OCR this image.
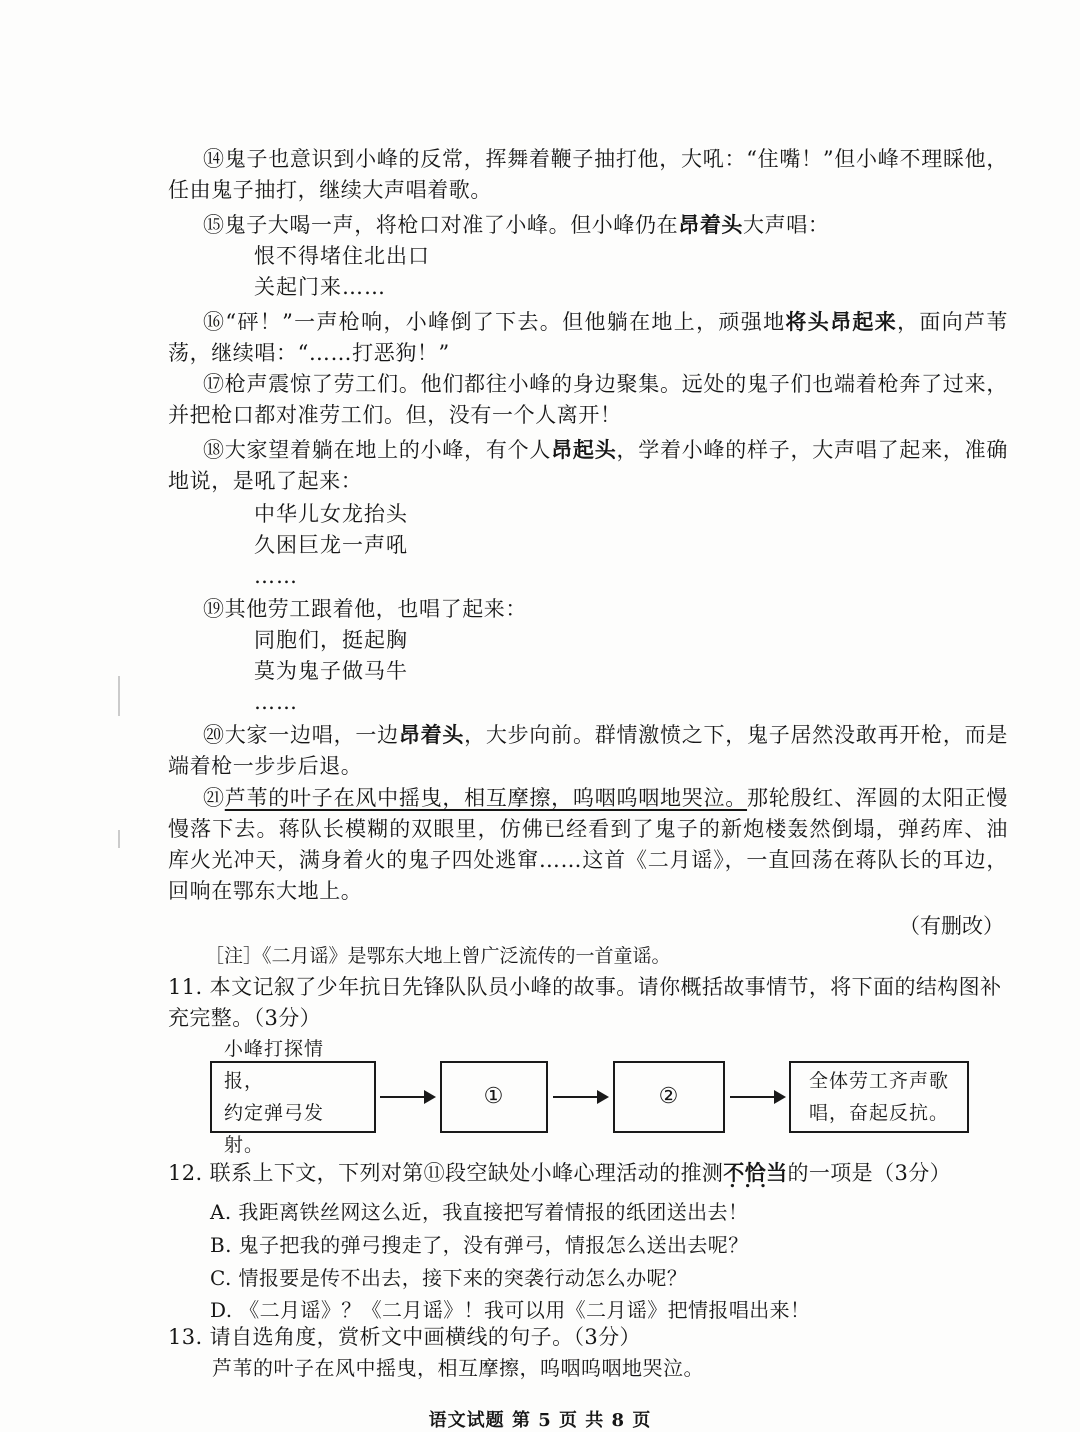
⑭鬼子也意识到小峰的反常，挥舞着鞭子抽打他，大吼：“住嘴！”但小峰不理睬他，任由鬼子抽打，继续大声唱着歌。
⑮鬼子大喝一声，将枪口对准了小峰。但小峰仍在昂着头大声唱：
恨不得堵住北出口
关起门来……
⑯“砰！”一声枪响，小峰倒了下去。但他躺在地上，顽强地将头昂起来，面向芦苇荡，继续唱：“……打恶狗！”
⑰枪声震惊了劳工们。他们都往小峰的身边聚集。远处的鬼子们也端着枪奔了过来，并把枪口都对准劳工们。但，没有一个人离开！
⑱大家望着躺在地上的小峰，有个人昂起头，学着小峰的样子，大声唱了起来，准确地说，是吼了起来：
中华儿女龙抬头
久困巨龙一声吼
……
⑲其他劳工跟着他，也唱了起来：
同胞们，挺起胸
莫为鬼子做马牛
……
⑳大家一边唱，一边昂着头，大步向前。群情激愤之下，鬼子居然没敢再开枪，而是端着枪一步步后退。
㉑芦苇的叶子在风中摇曳，相互摩擦，呜咽呜咽地哭泣。那轮殷红、浑圆的太阳正慢慢落下去。蒋队长模糊的双眼里，仿佛已经看到了鬼子的新炮楼轰然倒塌，弹药库、油库火光冲天，满身着火的鬼子四处逃窜……这首《二月谣》，一直回荡在蒋队长的耳边，回响在鄂东大地上。
（有删改）
［注］《二月谣》是鄂东大地上曾广泛流传的一首童谣。
11. 本文记叙了少年抗日先锋队队员小峰的故事。请你概括故事情节，将下面的结构图补充完整。（3分）
小峰打探情报，
约定弹弓发射。
①	②
全体劳工齐声歌
唱，奋起反抗。
12. 联系上下文，下列对第⑪段空缺处小峰心理活动的推测不恰当 ...的一项是（3分）
A. 我距离铁丝网这么近，我直接把写着情报的纸团送出去！
B. 鬼子把我的弹弓搜走了，没有弹弓，情报怎么送出去呢？
C. 情报要是传不出去，接下来的突袭行动怎么办呢？
D. 《二月谣》？《二月谣》！我可以用《二月谣》把情报唱出来！
13. 请自选角度，赏析文中画横线的句子。（3分）
芦苇的叶子在风中摇曳，相互摩擦，呜咽呜咽地哭泣。
语文试题 第 5 页 共 8 页
